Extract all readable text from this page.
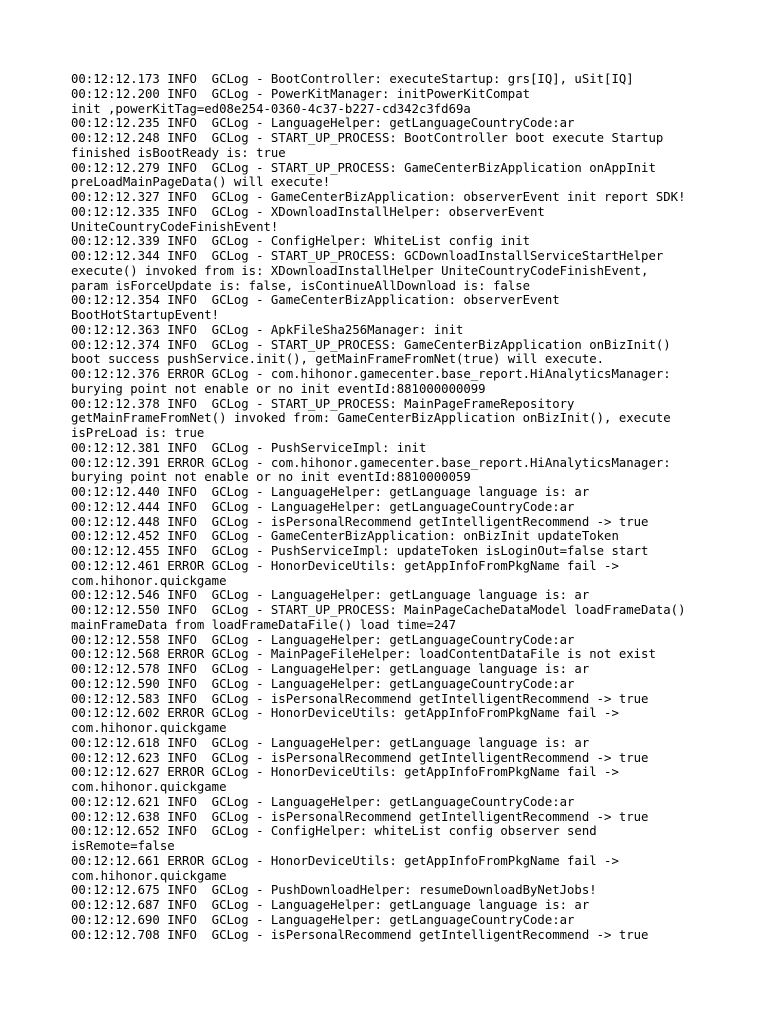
00:12:12.173 INFO  GCLog - BootController: executeStartup: grs[IQ], uSit[IQ]
00:12:12.200 INFO  GCLog - PowerKitManager: initPowerKitCompat
init ,powerKitTag=ed08e254-0360-4c37-b227-cd342c3fd69a
00:12:12.235 INFO  GCLog - LanguageHelper: getLanguageCountryCode:ar
00:12:12.248 INFO  GCLog - START_UP_PROCESS: BootController boot execute Startup
finished isBootReady is: true
00:12:12.279 INFO  GCLog - START_UP_PROCESS: GameCenterBizApplication onAppInit
preLoadMainPageData() will execute!
00:12:12.327 INFO  GCLog - GameCenterBizApplication: observerEvent init report SDK!
00:12:12.335 INFO  GCLog - XDownloadInstallHelper: observerEvent
UniteCountryCodeFinishEvent!
00:12:12.339 INFO  GCLog - ConfigHelper: WhiteList config init
00:12:12.344 INFO  GCLog - START_UP_PROCESS: GCDownloadInstallServiceStartHelper
execute() invoked from is: XDownloadInstallHelper UniteCountryCodeFinishEvent,
param isForceUpdate is: false, isContinueAllDownload is: false
00:12:12.354 INFO  GCLog - GameCenterBizApplication: observerEvent
BootHotStartupEvent!
00:12:12.363 INFO  GCLog - ApkFileSha256Manager: init
00:12:12.374 INFO  GCLog - START_UP_PROCESS: GameCenterBizApplication onBizInit()
boot success pushService.init(), getMainFrameFromNet(true) will execute.
00:12:12.376 ERROR GCLog - com.hihonor.gamecenter.base_report.HiAnalyticsManager:
burying point not enable or no init eventId:881000000099
00:12:12.378 INFO  GCLog - START_UP_PROCESS: MainPageFrameRepository
getMainFrameFromNet() invoked from: GameCenterBizApplication onBizInit(), execute
isPreLoad is: true
00:12:12.381 INFO  GCLog - PushServiceImpl: init
00:12:12.391 ERROR GCLog - com.hihonor.gamecenter.base_report.HiAnalyticsManager:
burying point not enable or no init eventId:8810000059
00:12:12.440 INFO  GCLog - LanguageHelper: getLanguage language is: ar
00:12:12.444 INFO  GCLog - LanguageHelper: getLanguageCountryCode:ar
00:12:12.448 INFO  GCLog - isPersonalRecommend getIntelligentRecommend -> true
00:12:12.452 INFO  GCLog - GameCenterBizApplication: onBizInit updateToken
00:12:12.455 INFO  GCLog - PushServiceImpl: updateToken isLoginOut=false start
00:12:12.461 ERROR GCLog - HonorDeviceUtils: getAppInfoFromPkgName fail ->
com.hihonor.quickgame
00:12:12.546 INFO  GCLog - LanguageHelper: getLanguage language is: ar
00:12:12.550 INFO  GCLog - START_UP_PROCESS: MainPageCacheDataModel loadFrameData()
mainFrameData from loadFrameDataFile() load time=247
00:12:12.558 INFO  GCLog - LanguageHelper: getLanguageCountryCode:ar
00:12:12.568 ERROR GCLog - MainPageFileHelper: loadContentDataFile is not exist
00:12:12.578 INFO  GCLog - LanguageHelper: getLanguage language is: ar
00:12:12.590 INFO  GCLog - LanguageHelper: getLanguageCountryCode:ar
00:12:12.583 INFO  GCLog - isPersonalRecommend getIntelligentRecommend -> true
00:12:12.602 ERROR GCLog - HonorDeviceUtils: getAppInfoFromPkgName fail ->
com.hihonor.quickgame
00:12:12.618 INFO  GCLog - LanguageHelper: getLanguage language is: ar
00:12:12.623 INFO  GCLog - isPersonalRecommend getIntelligentRecommend -> true
00:12:12.627 ERROR GCLog - HonorDeviceUtils: getAppInfoFromPkgName fail ->
com.hihonor.quickgame
00:12:12.621 INFO  GCLog - LanguageHelper: getLanguageCountryCode:ar
00:12:12.638 INFO  GCLog - isPersonalRecommend getIntelligentRecommend -> true
00:12:12.652 INFO  GCLog - ConfigHelper: whiteList config observer send
isRemote=false
00:12:12.661 ERROR GCLog - HonorDeviceUtils: getAppInfoFromPkgName fail ->
com.hihonor.quickgame
00:12:12.675 INFO  GCLog - PushDownloadHelper: resumeDownloadByNetJobs!
00:12:12.687 INFO  GCLog - LanguageHelper: getLanguage language is: ar
00:12:12.690 INFO  GCLog - LanguageHelper: getLanguageCountryCode:ar
00:12:12.708 INFO  GCLog - isPersonalRecommend getIntelligentRecommend -> true
